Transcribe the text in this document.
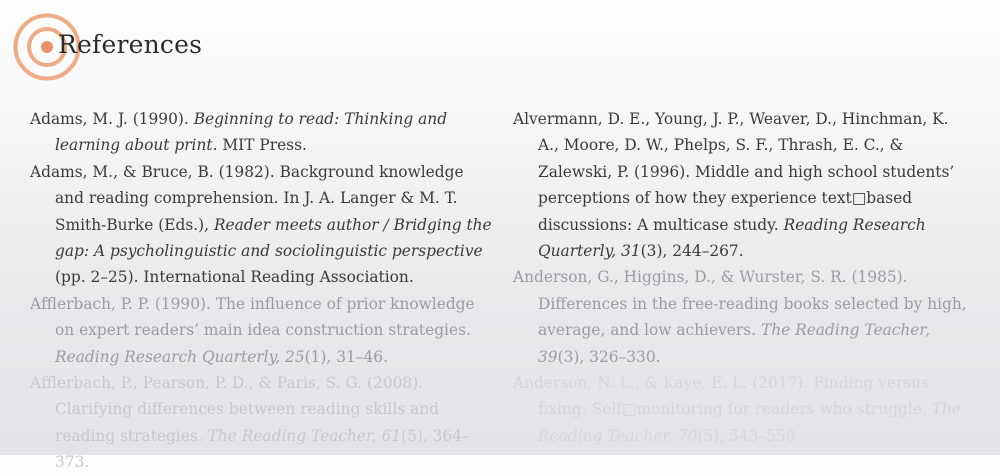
References

Adams, M. J. (1990). Beginning to read: Thinking and learning about print. MIT Press.

Adams, M., & Bruce, B. (1982). Background knowledge and reading comprehension. In J. A. Langer & M. T. Smith-Burke (Eds.), Reader meets author / Bridging the gap: A psycholinguistic and sociolinguistic perspective (pp. 2–25). International Reading Association.

Afflerbach, P. P. (1990). The influence of prior knowledge on expert readers’ main idea construction strategies. Reading Research Quarterly, 25(1), 31–46.

Afflerbach, P., Pearson, P. D., & Paris, S. G. (2008). Clarifying differences between reading skills and reading strategies. The Reading Teacher, 61(5), 364–373.

Alvermann, D. E., Young, J. P., Weaver, D., Hinchman, K. A., Moore, D. W., Phelps, S. F., Thrash, E. C., & Zalewski, P. (1996). Middle and high school students’ perceptions of how they experience text□based discussions: A multicase study. Reading Research Quarterly, 31(3), 244–267.

Anderson, G., Higgins, D., & Wurster, S. R. (1985). Differences in the free-reading books selected by high, average, and low achievers. The Reading Teacher, 39(3), 326–330.

Anderson, N. L., & Kaye, E. L. (2017). Finding versus fixing: Self□monitoring for readers who struggle. The Reading Teacher, 70(5), 543–550.
